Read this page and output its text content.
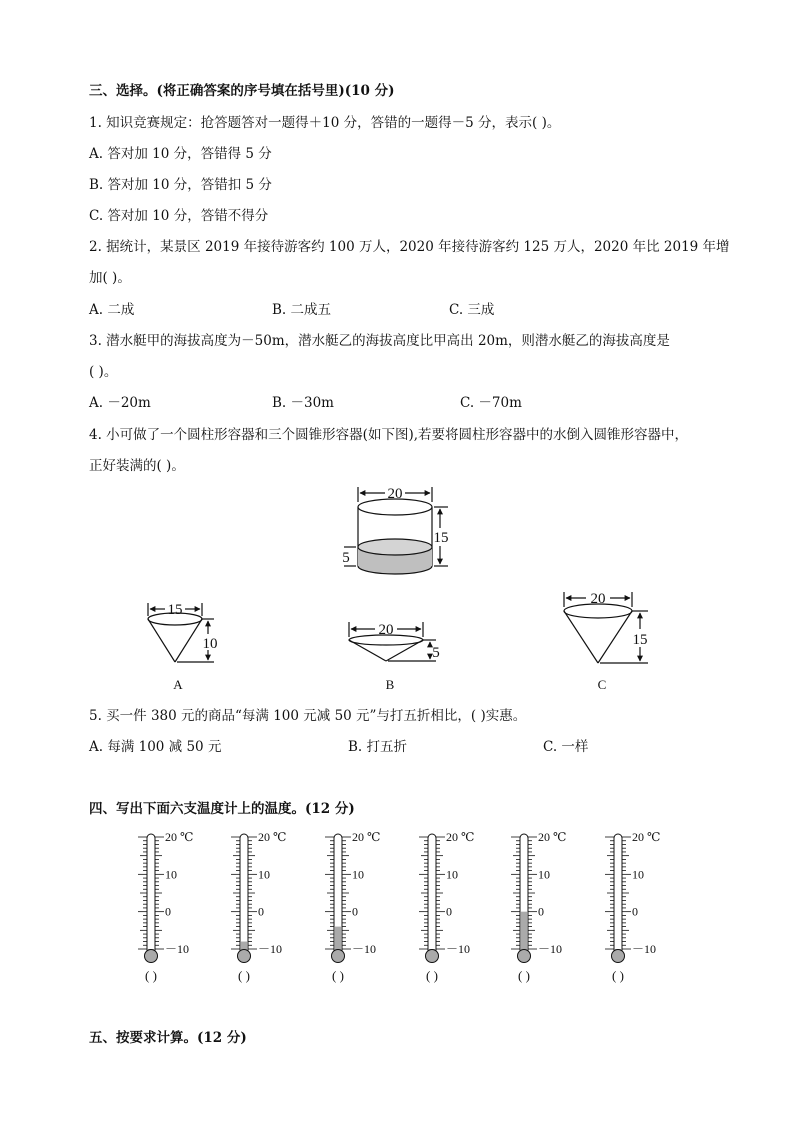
三、选择。(将正确答案的序号填在括号里)(10 分)
1. 知识竞赛规定：抢答题答对一题得＋10 分，答错的一题得－5 分，表示( )。
A. 答对加 10 分，答错得 5 分
B. 答对加 10 分，答错扣 5 分
C. 答对加 10 分，答错不得分
2. 据统计，某景区 2019 年接待游客约 100 万人，2020 年接待游客约 125 万人，2020 年比 2019 年增
加( )。
A. 二成	B. 二成五	C. 三成
3. 潜水艇甲的海拔高度为－50m，潜水艇乙的海拔高度比甲高出 20m，则潜水艇乙的海拔高度是
( )。
A. －20m	B. －30m	C. －70m
4. 小可做了一个圆柱形容器和三个圆锥形容器(如下图),若要将圆柱形容器中的水倒入圆锥形容器中，
正好装满的( )。
20
15
5
15
10
20
5
20
15
A	B	C
5. 买一件 380 元的商品“每满 100 元减 50 元”与打五折相比，( )实惠。
A. 每满 100 减 50 元	B. 打五折	C. 一样
四、写出下面六支温度计上的温度。(12 分)
20 ℃
10
0
－10
( )
20 ℃
10
0
－10
( )
20 ℃
10
0
－10
( )
20 ℃
10
0
－10
( )
20 ℃
10
0
－10
( )
20 ℃
10
0
－10
( )
五、按要求计算。(12 分)
